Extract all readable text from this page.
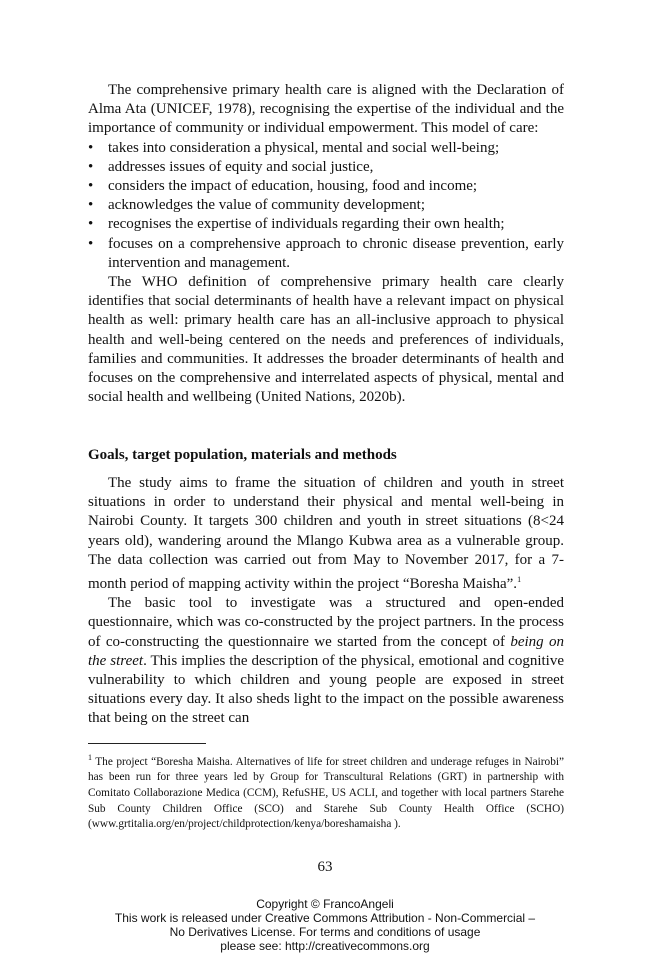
The comprehensive primary health care is aligned with the Declaration of Alma Ata (UNICEF, 1978), recognising the expertise of the individual and the importance of community or individual empowerment. This model of care:

• takes into consideration a physical, mental and social well-being;
• addresses issues of equity and social justice,
• considers the impact of education, housing, food and income;
• acknowledges the value of community development;
• recognises the expertise of individuals regarding their own health;
• focuses on a comprehensive approach to chronic disease prevention, early intervention and management.

The WHO definition of comprehensive primary health care clearly identifies that social determinants of health have a relevant impact on physical health as well: primary health care has an all-inclusive approach to physical health and well-being centered on the needs and preferences of individuals, families and communities. It addresses the broader determinants of health and focuses on the comprehensive and interrelated aspects of physical, mental and social health and wellbeing (United Nations, 2020b).

Goals, target population, materials and methods

The study aims to frame the situation of children and youth in street situations in order to understand their physical and mental well-being in Nairobi County. It targets 300 children and youth in street situations (8<24 years old), wandering around the Mlango Kubwa area as a vulnerable group. The data collection was carried out from May to November 2017, for a 7-month period of mapping activity within the project “Boresha Maisha”.$^1$

The basic tool to investigate was a structured and open-ended questionnaire, which was co-constructed by the project partners. In the process of co-constructing the questionnaire we started from the concept of being on the street. This implies the description of the physical, emotional and cognitive vulnerability to which children and young people are exposed in street situations every day. It also sheds light to the impact on the possible awareness that being on the street can

$^1$ The project “Boresha Maisha. Alternatives of life for street children and underage refuges in Nairobi” has been run for three years led by Group for Transcultural Relations (GRT) in partnership with Comitato Collaborazione Medica (CCM), RefuSHE, US ACLI, and together with local partners Starehe Sub County Children Office (SCO) and Starehe Sub County Health Office (SCHO) (www.grtitalia.org/en/project/childprotection/kenya/boreshamaisha ).
63
Copyright © FrancoAngeli
This work is released under Creative Commons Attribution - Non-Commercial –
No Derivatives License. For terms and conditions of usage
please see: http://creativecommons.org
